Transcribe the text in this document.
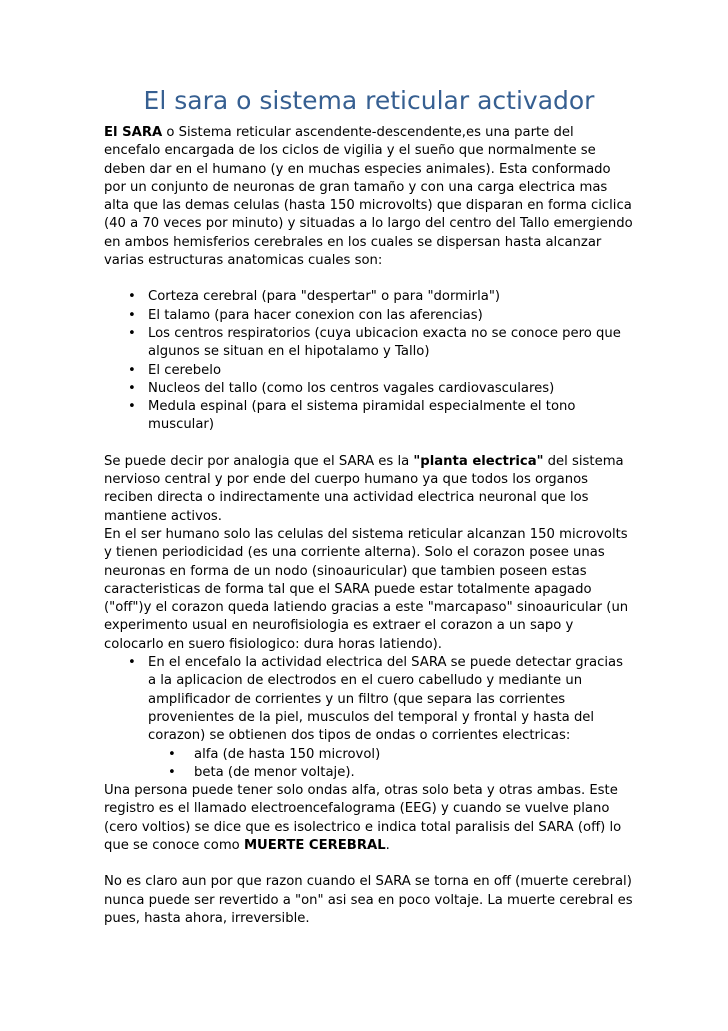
El sara o sistema reticular activador

El SARA o Sistema reticular ascendente-descendente,es una parte del encefalo encargada de los ciclos de vigilia y el sueño que normalmente se deben dar en el humano (y en muchas especies animales). Esta conformado por un conjunto de neuronas de gran tamaño y con una carga electrica mas alta que las demas celulas (hasta 150 microvolts) que disparan en forma ciclica (40 a 70 veces por minuto) y situadas a lo largo del centro del Tallo emergiendo en ambos hemisferios cerebrales en los cuales se dispersan hasta alcanzar varias estructuras anatomicas cuales son:

• Corteza cerebral (para "despertar" o para "dormirla")
• El talamo (para hacer conexion con las aferencias)
• Los centros respiratorios (cuya ubicacion exacta no se conoce pero que algunos se situan en el hipotalamo y Tallo)
• El cerebelo
• Nucleos del tallo (como los centros vagales cardiovasculares)
• Medula espinal (para el sistema piramidal especialmente el tono muscular)

Se puede decir por analogia que el SARA es la "planta electrica" del sistema nervioso central y por ende del cuerpo humano ya que todos los organos reciben directa o indirectamente una actividad electrica neuronal que los mantiene activos.

En el ser humano solo las celulas del sistema reticular alcanzan 150 microvolts y tienen periodicidad (es una corriente alterna). Solo el corazon posee unas neuronas en forma de un nodo (sinoauricular) que tambien poseen estas caracteristicas de forma tal que el SARA puede estar totalmente apagado ("off")y el corazon queda latiendo gracias a este "marcapaso" sinoauricular (un experimento usual en neurofisiologia es extraer el corazon a un sapo y colocarlo en suero fisiologico: dura horas latiendo).

• En el encefalo la actividad electrica del SARA se puede detectar gracias a la aplicacion de electrodos en el cuero cabelludo y mediante un amplificador de corrientes y un filtro (que separa las corrientes provenientes de la piel, musculos del temporal y frontal y hasta del corazon) se obtienen dos tipos de ondas o corrientes electricas:
• alfa (de hasta 150 microvol)
• beta (de menor voltaje).

Una persona puede tener solo ondas alfa, otras solo beta y otras ambas. Este registro es el llamado electroencefalograma (EEG) y cuando se vuelve plano (cero voltios) se dice que es isolectrico e indica total paralisis del SARA (off) lo que se conoce como MUERTE CEREBRAL.

No es claro aun por que razon cuando el SARA se torna en off (muerte cerebral) nunca puede ser revertido a "on" asi sea en poco voltaje. La muerte cerebral es pues, hasta ahora, irreversible.
